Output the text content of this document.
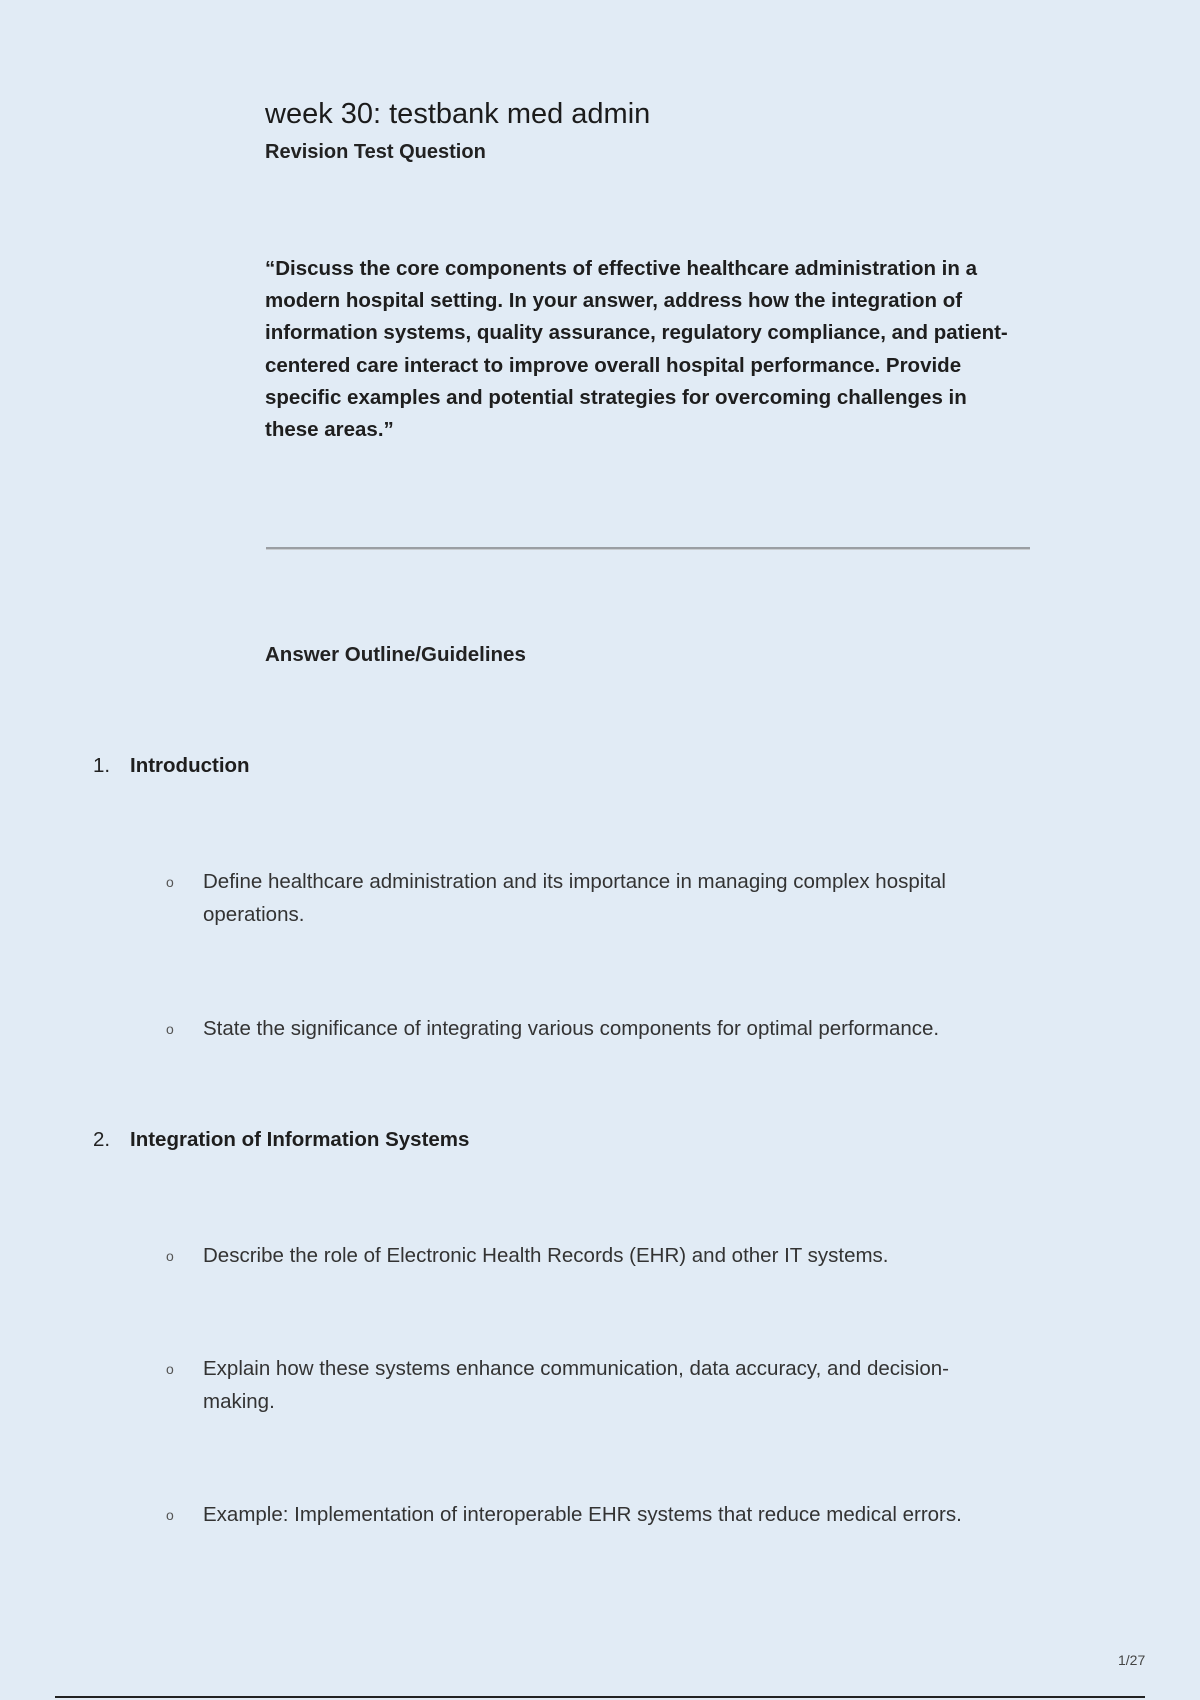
week 30: testbank med admin
Revision Test Question

“Discuss the core components of effective healthcare administration in a modern hospital setting. In your answer, address how the integration of information systems, quality assurance, regulatory compliance, and patient-centered care interact to improve overall hospital performance. Provide specific examples and potential strategies for overcoming challenges in these areas.”

Answer Outline/Guidelines
1. Introduction
o Define healthcare administration and its importance in managing complex hospital operations.
o State the significance of integrating various components for optimal performance.
2. Integration of Information Systems
o Describe the role of Electronic Health Records (EHR) and other IT systems.
o Explain how these systems enhance communication, data accuracy, and decision-making.
o Example: Implementation of interoperable EHR systems that reduce medical errors.
1/27
